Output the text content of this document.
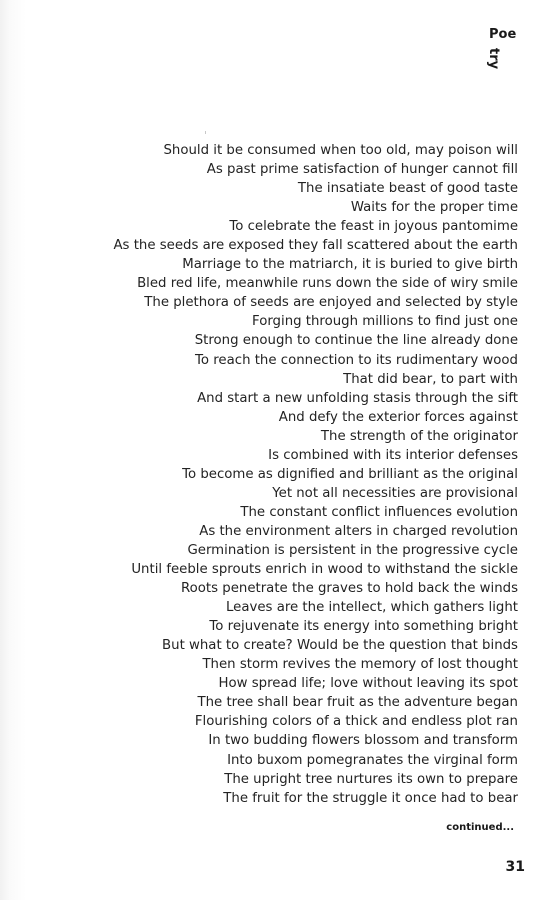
Poe
try
Should it be consumed when too old, may poison will
As past prime satisfaction of hunger cannot fill
The insatiate beast of good taste
Waits for the proper time
To celebrate the feast in joyous pantomime
As the seeds are exposed they fall scattered about the earth
Marriage to the matriarch, it is buried to give birth
Bled red life, meanwhile runs down the side of wiry smile
The plethora of seeds are enjoyed and selected by style
Forging through millions to find just one
Strong enough to continue the line already done
To reach the connection to its rudimentary wood
That did bear, to part with
And start a new unfolding stasis through the sift
And defy the exterior forces against
The strength of the originator
Is combined with its interior defenses
To become as dignified and brilliant as the original
Yet not all necessities are provisional
The constant conflict influences evolution
As the environment alters in charged revolution
Germination is persistent in the progressive cycle
Until feeble sprouts enrich in wood to withstand the sickle
Roots penetrate the graves to hold back the winds
Leaves are the intellect, which gathers light
To rejuvenate its energy into something bright
But what to create? Would be the question that binds
Then storm revives the memory of lost thought
How spread life; love without leaving its spot
The tree shall bear fruit as the adventure began
Flourishing colors of a thick and endless plot ran
In two budding flowers blossom and transform
Into buxom pomegranates the virginal form
The upright tree nurtures its own to prepare
The fruit for the struggle it once had to bear
continued...
31
